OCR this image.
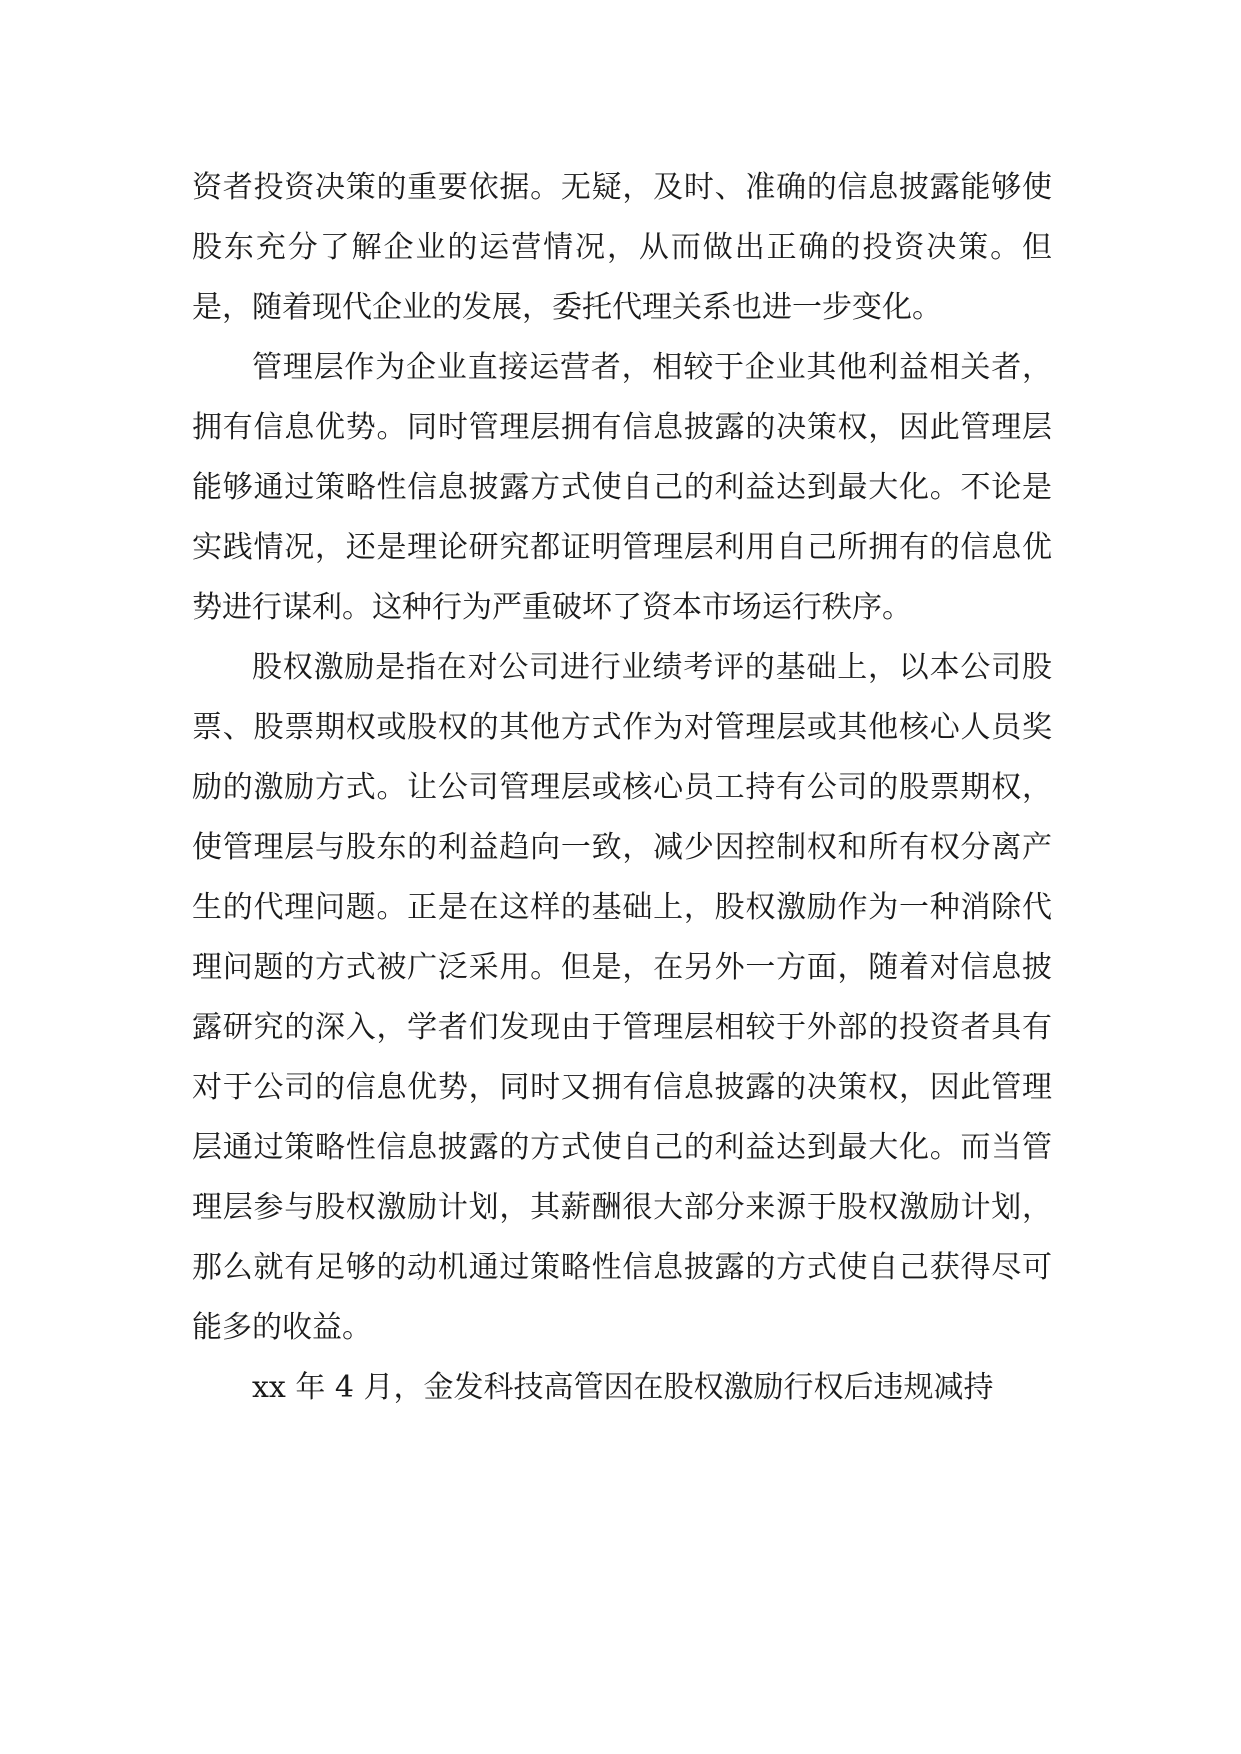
资者投资决策的重要依据。无疑，及时、准确的信息披露能够使股东充分了解企业的运营情况，从而做出正确的投资决策。但是，随着现代企业的发展，委托代理关系也进一步变化。

管理层作为企业直接运营者，相较于企业其他利益相关者，拥有信息优势。同时管理层拥有信息披露的决策权，因此管理层能够通过策略性信息披露方式使自己的利益达到最大化。不论是实践情况，还是理论研究都证明管理层利用自己所拥有的信息优势进行谋利。这种行为严重破坏了资本市场运行秩序。

股权激励是指在对公司进行业绩考评的基础上，以本公司股票、股票期权或股权的其他方式作为对管理层或其他核心人员奖励的激励方式。让公司管理层或核心员工持有公司的股票期权，使管理层与股东的利益趋向一致，减少因控制权和所有权分离产生的代理问题。正是在这样的基础上，股权激励作为一种消除代理问题的方式被广泛采用。但是，在另外一方面，随着对信息披露研究的深入，学者们发现由于管理层相较于外部的投资者具有对于公司的信息优势，同时又拥有信息披露的决策权，因此管理层通过策略性信息披露的方式使自己的利益达到最大化。而当管理层参与股权激励计划，其薪酬很大部分来源于股权激励计划，那么就有足够的动机通过策略性信息披露的方式使自己获得尽可能多的收益。

xx 年 4 月，金发科技高管因在股权激励行权后违规减持
